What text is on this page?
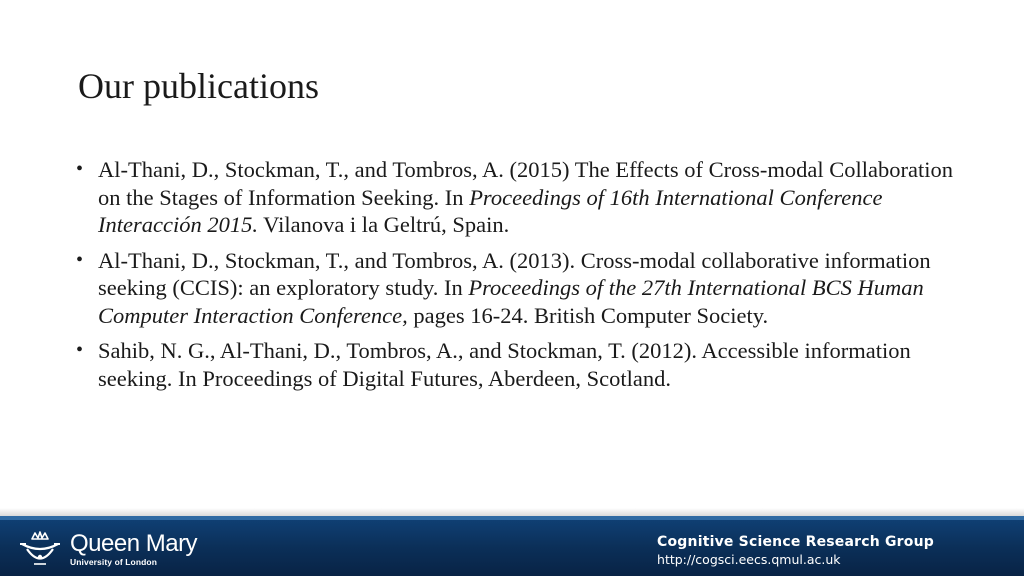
Our publications
• Al-Thani, D., Stockman, T., and Tombros, A. (2015) The Effects of Cross-modal Collaboration on the Stages of Information Seeking. In Proceedings of 16th International Conference Interacción 2015. Vilanova i la Geltrú, Spain.
• Al-Thani, D., Stockman, T., and Tombros, A. (2013). Cross-modal collaborative information seeking (CCIS): an exploratory study. In Proceedings of the 27th International BCS Human Computer Interaction Conference, pages 16-24. British Computer Society.
• Sahib, N. G., Al-Thani, D., Tombros, A., and Stockman, T. (2012). Accessible information seeking. In Proceedings of Digital Futures, Aberdeen, Scotland.
Queen Mary
University of London
Cognitive Science Research Group
http://cogsci.eecs.qmul.ac.uk
